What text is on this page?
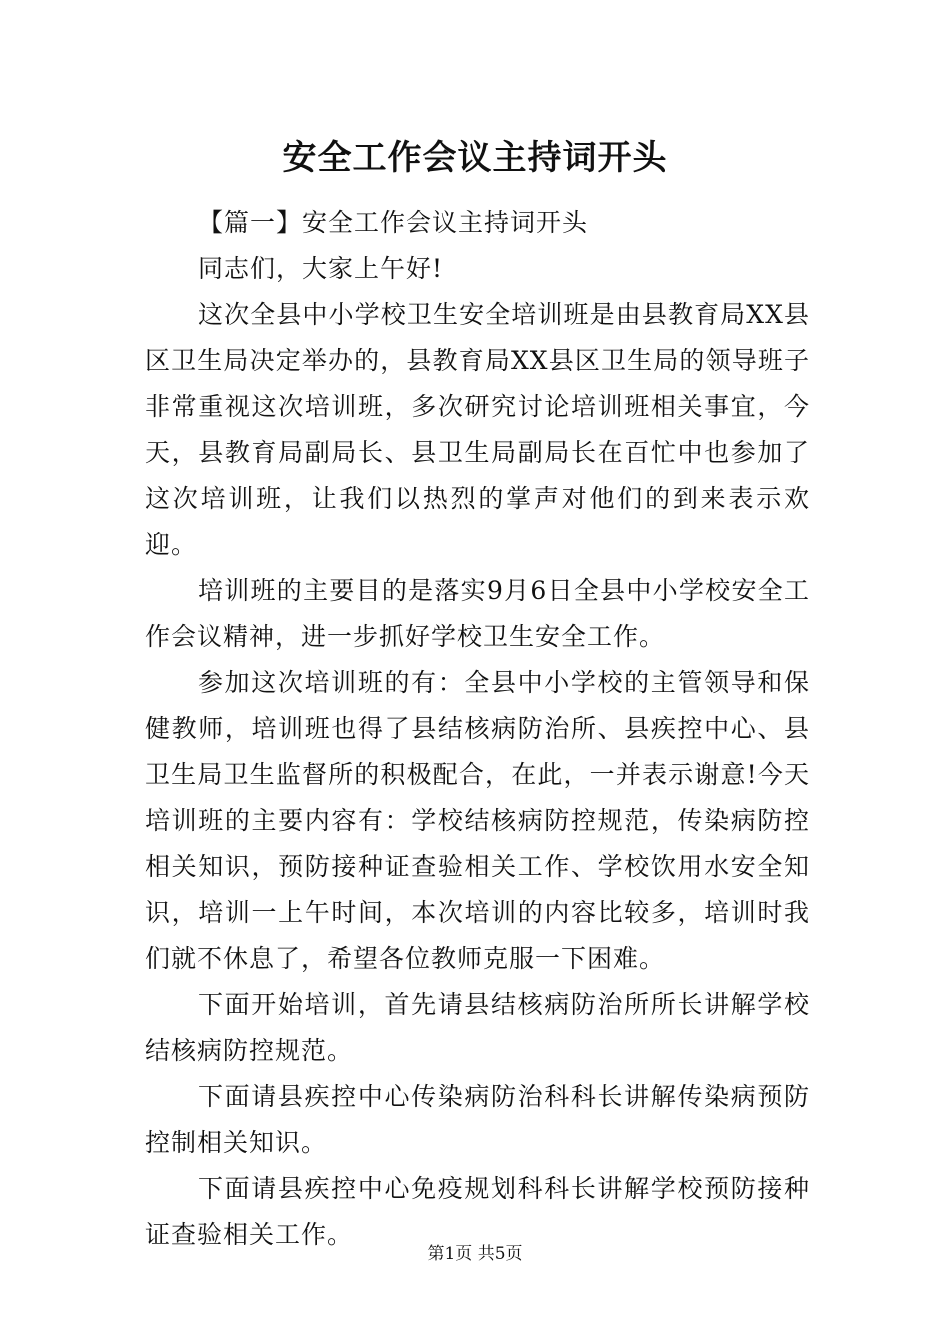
安全工作会议主持词开头

【篇一】安全工作会议主持词开头

同志们，大家上午好!

这次全县中小学校卫生安全培训班是由县教育局XX县区卫生局决定举办的，县教育局XX县区卫生局的领导班子非常重视这次培训班，多次研究讨论培训班相关事宜，今天，县教育局副局长、县卫生局副局长在百忙中也参加了这次培训班，让我们以热烈的掌声对他们的到来表示欢迎。

培训班的主要目的是落实9月6日全县中小学校安全工作会议精神，进一步抓好学校卫生安全工作。

参加这次培训班的有：全县中小学校的主管领导和保健教师，培训班也得了县结核病防治所、县疾控中心、县卫生局卫生监督所的积极配合，在此，一并表示谢意!今天培训班的主要内容有：学校结核病防控规范，传染病防控相关知识，预防接种证查验相关工作、学校饮用水安全知识，培训一上午时间，本次培训的内容比较多，培训时我们就不休息了，希望各位教师克服一下困难。

下面开始培训，首先请县结核病防治所所长讲解学校结核病防控规范。

下面请县疾控中心传染病防治科科长讲解传染病预防控制相关知识。

下面请县疾控中心免疫规划科科长讲解学校预防接种证查验相关工作。

第1页 共5页
